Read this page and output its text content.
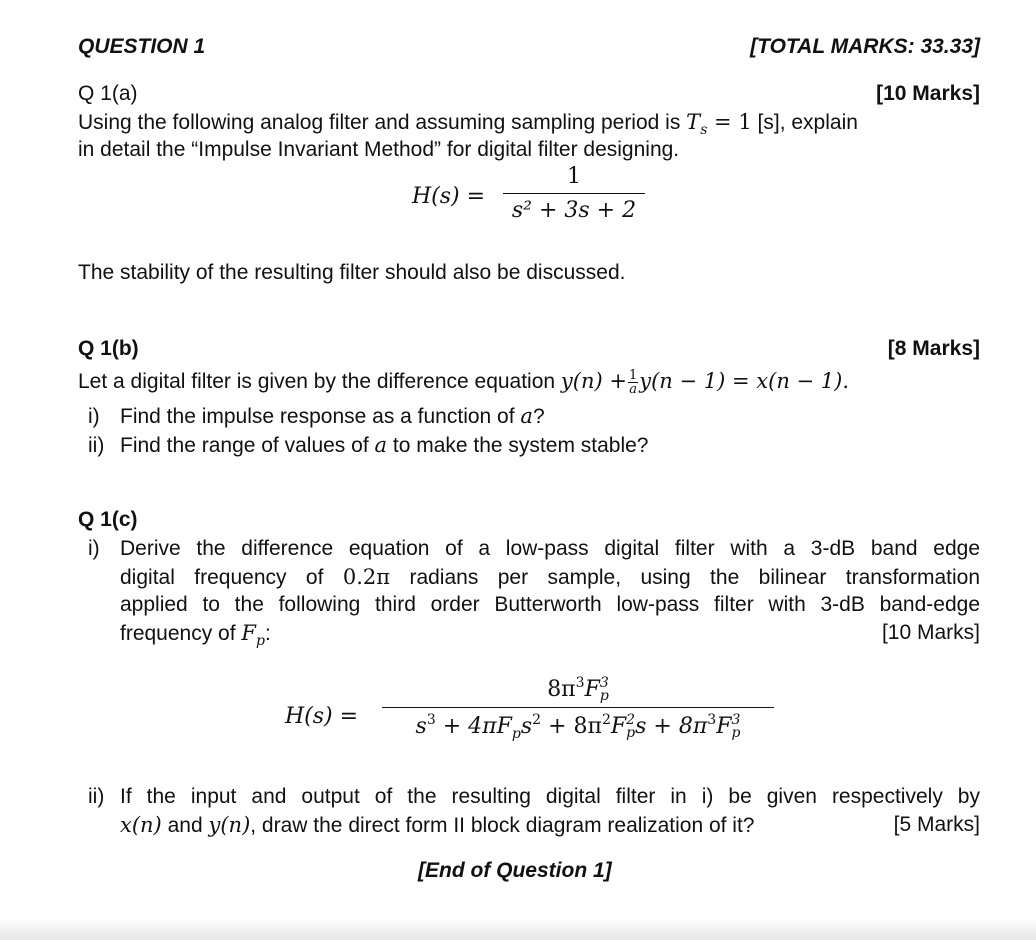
QUESTION 1	[TOTAL MARKS: 33.33]
Q 1(a)	[10 Marks]
Using the following analog filter and assuming sampling period is $T_s = 1$ [s], explain
in detail the “Impulse Invariant Method” for digital filter designing.
H(s) =
1
s² + 3s + 2
The stability of the resulting filter should also be discussed.
Q 1(b)	[8 Marks]
Let a digital filter is given by the difference equation $y(n) + \frac{1}{a} y(n - 1) = x(n - 1)$.
i) Find the impulse response as a function of a?
ii) Find the range of values of a to make the system stable?
Q 1(c)
i) Derive the difference equation of a low-pass digital filter with a 3-dB band edge
digital frequency of 0.2π radians per sample, using the bilinear transformation
applied to the following third order Butterworth low-pass filter with 3-dB band-edge
frequency of $F_p$:	[10 Marks]
H(s) =
$8\pi^3F$ 3
p
$s^3 + 4\pi F_ps^2 + 8\pi^2F$ 2
p $s + 8\pi^3F$ 3
p
ii) If the input and output of the resulting digital filter in i) be given respectively by
x(n) and y(n), draw the direct form II block diagram realization of it?	[5 Marks]
[End of Question 1]
